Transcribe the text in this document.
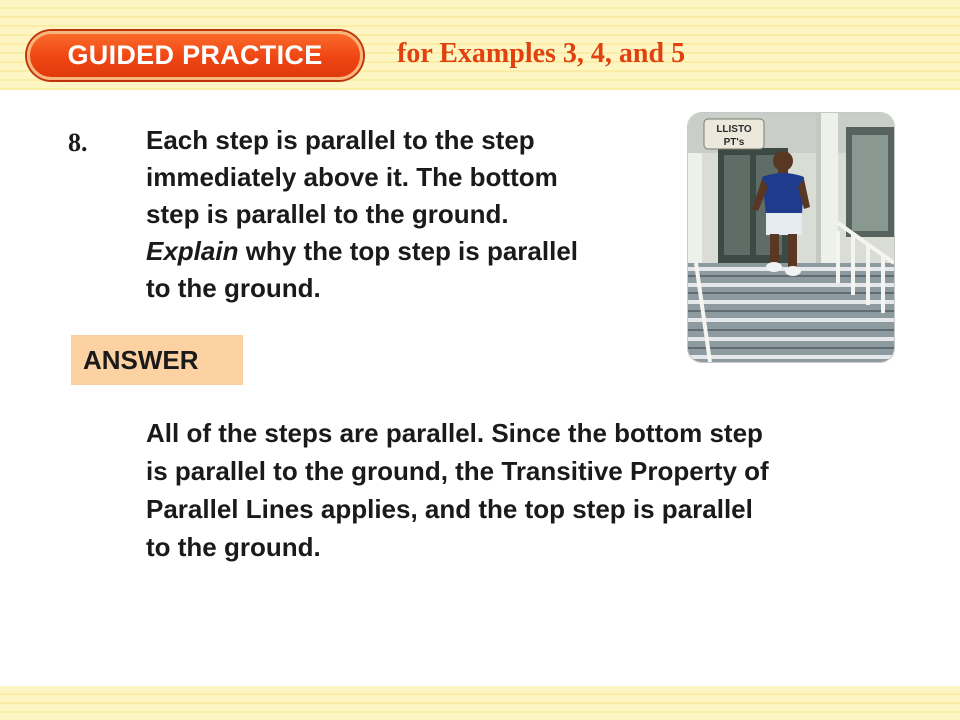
GUIDED PRACTICE	for Examples 3, 4, and 5
8. Each step is parallel to the step
immediately above it. The bottom
step is parallel to the ground.
Explain why the top step is parallel
to the ground.
LLISTO
PT's
ANSWER
All of the steps are parallel. Since the bottom step
is parallel to the ground, the Transitive Property of
Parallel Lines applies, and the top step is parallel
to the ground.
